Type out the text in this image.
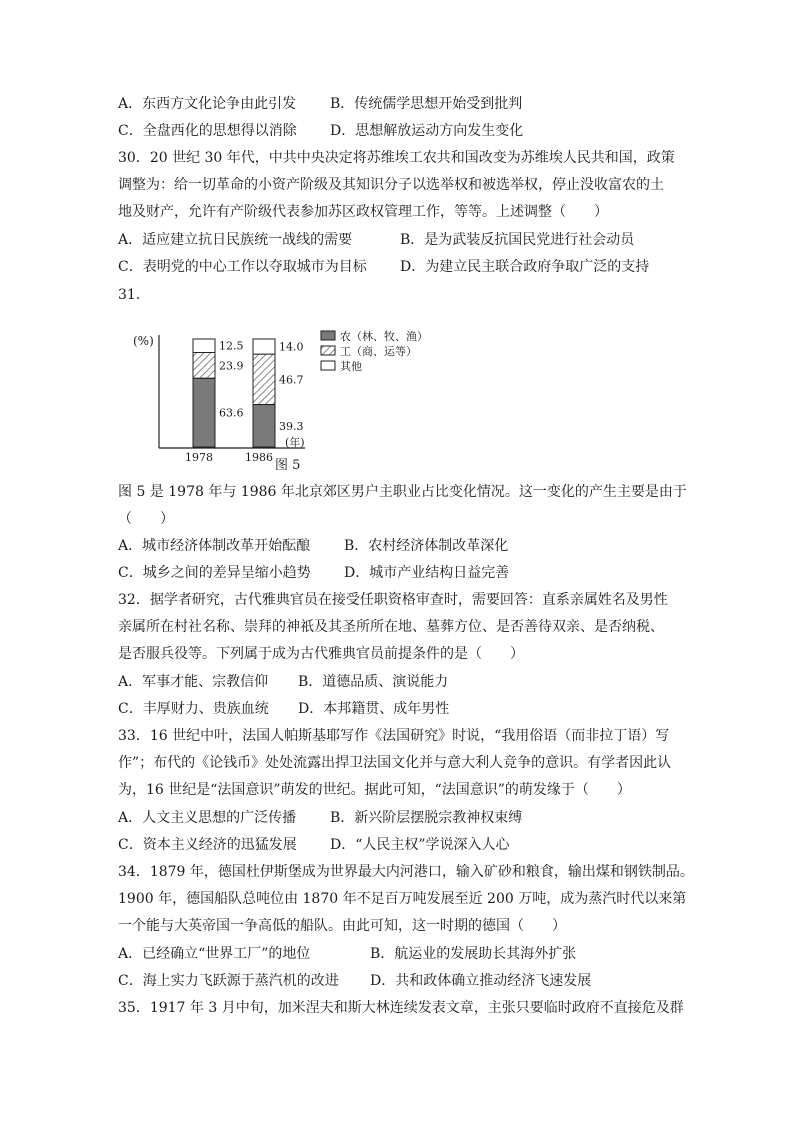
A．东西方文化论争由此引发 B．传统儒学思想开始受到批判
C．全盘西化的思想得以消除 D．思想解放运动方向发生变化
30．20 世纪 30 年代，中共中央决定将苏维埃工农共和国改变为苏维埃人民共和国，政策
调整为：给一切革命的小资产阶级及其知识分子以选举权和被选举权，停止没收富农的土
地及财产，允许有产阶级代表参加苏区政权管理工作，等等。上述调整（　　）
A．适应建立抗日民族统一战线的需要	B．是为武装反抗国民党进行社会动员
C．表明党的中心工作以夺取城市为目标 D．为建立民主联合政府争取广泛的支持
31．
(%)
(年)
图 5
63.6
23.9
12.5
1978
39.3
46.7
14.0
1986
农（林、牧、渔）
工（商、运等）
其他
图 5 是 1978 年与 1986 年北京郊区男户主职业占比变化情况。这一变化的产生主要是由于
（　　）
A．城市经济体制改革开始酝酿 B．农村经济体制改革深化
C．城乡之间的差异呈缩小趋势 D．城市产业结构日益完善
32．据学者研究，古代雅典官员在接受任职资格审查时，需要回答：直系亲属姓名及男性
亲属所在村社名称、崇拜的神祇及其圣所所在地、墓葬方位、是否善待双亲、是否纳税、
是否服兵役等。下列属于成为古代雅典官员前提条件的是（　　）
A．军事才能、宗教信仰 B．道德品质、演说能力
C．丰厚财力、贵族血统 D．本邦籍贯、成年男性
33．16 世纪中叶，法国人帕斯基耶写作《法国研究》时说，“我用俗语（而非拉丁语）写
作”；布代的《论钱币》处处流露出捍卫法国文化并与意大利人竞争的意识。有学者因此认
为，16 世纪是“法国意识”萌发的世纪。据此可知，“法国意识”的萌发缘于（　　）
A．人文主义思想的广泛传播 B．新兴阶层摆脱宗教神权束缚
C．资本主义经济的迅猛发展 D．“人民主权”学说深入人心
34．1879 年，德国杜伊斯堡成为世界最大内河港口，输入矿砂和粮食，输出煤和钢铁制品。
1900 年，德国船队总吨位由 1870 年不足百万吨发展至近 200 万吨，成为蒸汽时代以来第
一个能与大英帝国一争高低的船队。由此可知，这一时期的德国（　　）
A．已经确立“世界工厂”的地位	B．航运业的发展助长其海外扩张
C．海上实力飞跃源于蒸汽机的改进 D．共和政体确立推动经济飞速发展
35．1917 年 3 月中旬，加米涅夫和斯大林连续发表文章，主张只要临时政府不直接危及群
